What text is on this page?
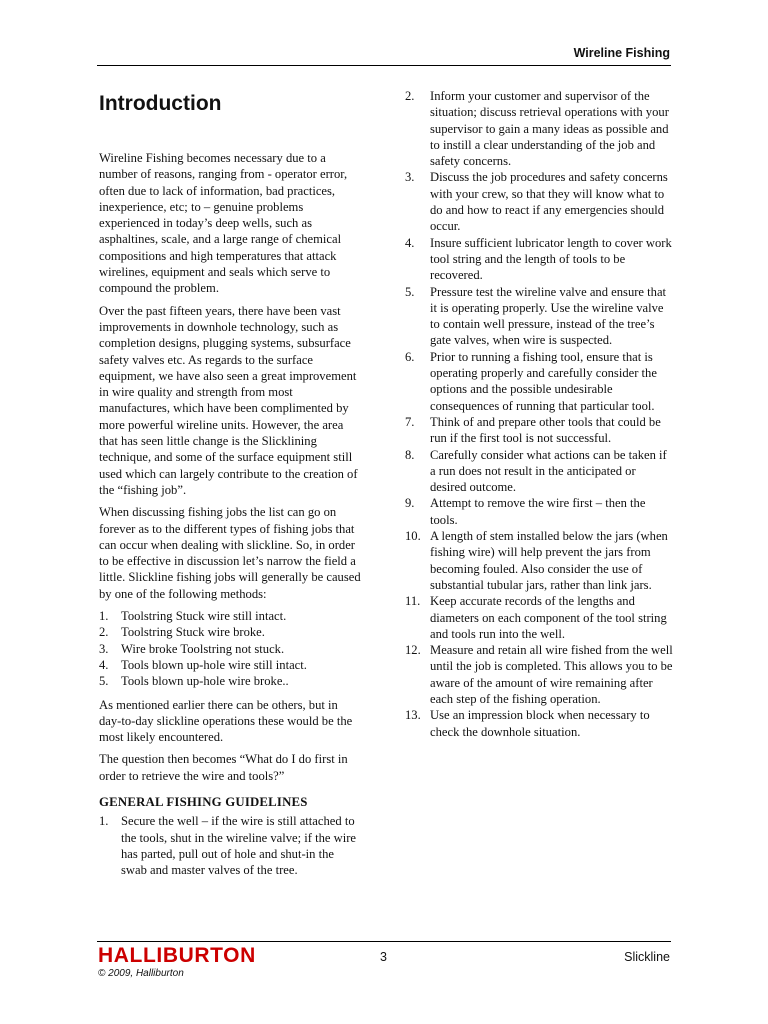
Wireline Fishing
Introduction

Wireline Fishing becomes necessary due to a number of reasons, ranging from - operator error, often due to lack of information, bad practices, inexperience, etc; to – genuine problems experienced in today’s deep wells, such as asphaltines, scale, and a large range of chemical compositions and high temperatures that attack wirelines, equipment and seals which serve to compound the problem.

Over the past fifteen years, there have been vast improvements in downhole technology, such as completion designs, plugging systems, subsurface safety valves etc. As regards to the surface equipment, we have also seen a great improvement in wire quality and strength from most manufactures, which have been complimented by more powerful wireline units. However, the area that has seen little change is the Slicklining technique, and some of the surface equipment still used which can largely contribute to the creation of the “fishing job”.

When discussing fishing jobs the list can go on forever as to the different types of fishing jobs that can occur when dealing with slickline. So, in order to be effective in discussion let’s narrow the field a little. Slickline fishing jobs will generally be caused by one of the following methods:

1. Toolstring Stuck wire still intact.
2. Toolstring Stuck wire broke.
3. Wire broke Toolstring not stuck.
4. Tools blown up-hole wire still intact.
5. Tools blown up-hole wire broke..

As mentioned earlier there can be others, but in day-to-day slickline operations these would be the most likely encountered.

The question then becomes “What do I do first in order to retrieve the wire and tools?”

GENERAL FISHING GUIDELINES
1. Secure the well – if the wire is still attached to the tools, shut in the wireline valve; if the wire has parted, pull out of hole and shut-in the swab and master valves of the tree.
2.	Inform your customer and supervisor of the situation; discuss retrieval operations with your supervisor to gain a many ideas as possible and to instill a clear understanding of the job and safety concerns.
3.	Discuss the job procedures and safety concerns with your crew, so that they will know what to do and how to react if any emergencies should occur.
4.	Insure sufficient lubricator length to cover work tool string and the length of tools to be recovered.
5.	Pressure test the wireline valve and ensure that it is operating properly. Use the wireline valve to contain well pressure, instead of the tree’s gate valves, when wire is suspected.
6.	Prior to running a fishing tool, ensure that is operating properly and carefully consider the options and the possible undesirable consequences of running that particular tool.
7.	Think of and prepare other tools that could be run if the first tool is not successful.
8.	Carefully consider what actions can be taken if a run does not result in the anticipated or desired outcome.
9.	Attempt to remove the wire first – then the tools.
10. A length of stem installed below the jars (when fishing wire) will help prevent the jars from becoming fouled. Also consider the use of substantial tubular jars, rather than link jars.
11. Keep accurate records of the lengths and diameters on each component of the tool string and tools run into the well.
12. Measure and retain all wire fished from the well until the job is completed. This allows you to be aware of the amount of wire remaining after each step of the fishing operation.
13. Use an impression block when necessary to check the downhole situation.
HALLIBURTON
© 2009, Halliburton
3	Slickline
